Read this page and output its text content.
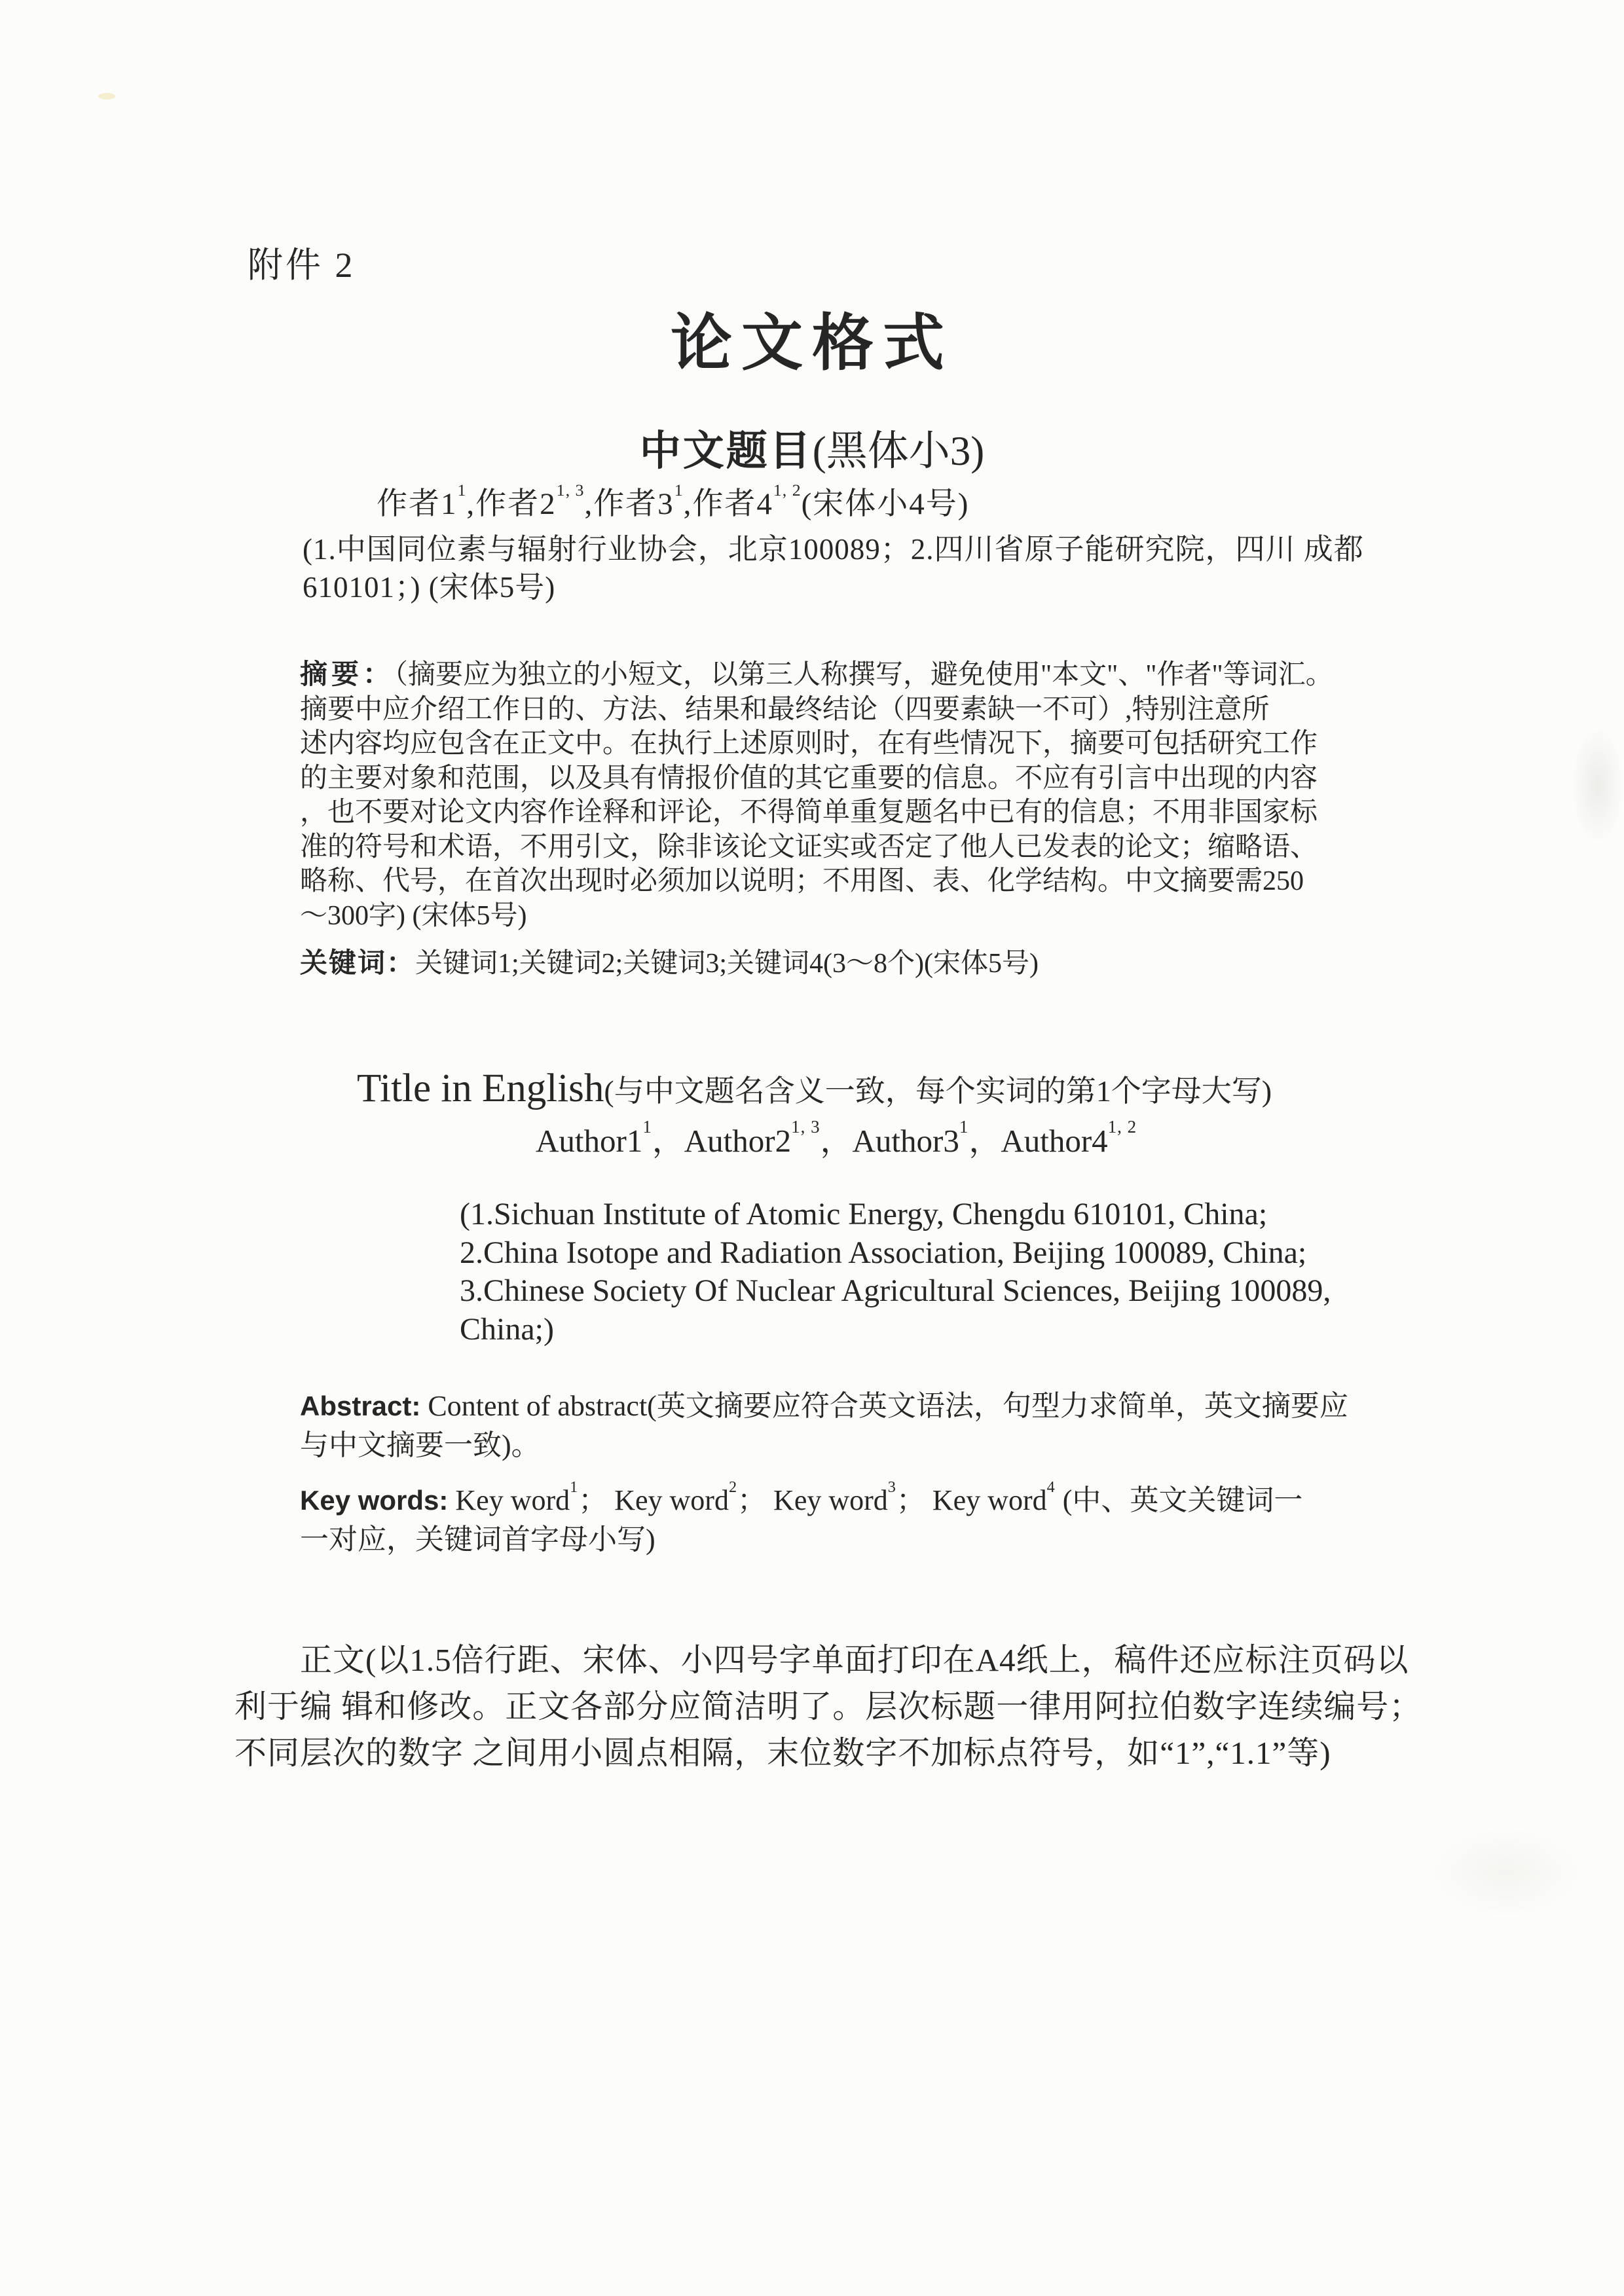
附件 2
论文格式
中文题目(黑体小3)
作者$1^1$,作者2$^{1, 3}$,作者$3^1$,作者4$^{1, 2}$(宋体小4号)
(1.中国同位素与辐射行业协会，北京100089；2.四川省原子能研究院，四川 成都
610101；) (宋体5号)
摘要：（摘要应为独立的小短文，以第三人称撰写，避免使用"本文"、"作者"等词汇。
摘要中应介绍工作日的、方法、结果和最终结论（四要素缺一不可）,特别注意所
述内容均应包含在正文中。在执行上述原则时，在有些情况下，摘要可包括研究工作
的主要对象和范围，以及具有情报价值的其它重要的信息。不应有引言中出现的内容
，也不要对论文内容作诠释和评论，不得简单重复题名中已有的信息；不用非国家标
准的符号和术语，不用引文，除非该论文证实或否定了他人已发表的论文；缩略语、
略称、代号，在首次出现时必须加以说明；不用图、表、化学结构。中文摘要需250
～300字) (宋体5号)
关键词：关键词1;关键词2;关键词3;关键词4(3～8个)(宋体5号)
Title in English(与中文题名含义一致，每个实词的第1个字母大写)
$Author1^1$，Author2$^{1, 3}$，$Author3^1$，Author4$^{1, 2}$
(1.Sichuan Institute of Atomic Energy, Chengdu 610101, China;
2.China Isotope and Radiation Association, Beijing 100089, China;
3.Chinese Society Of Nuclear Agricultural Sciences, Beijing 100089,
China;)
Abstract: Content of abstract(英文摘要应符合英文语法，句型力求简单，英文摘要应
与中文摘要一致)。
Key words: Key word$^1$； Key word$^2$； Key word$^3$； Key word$^4$ (中、英文关键词一
一对应，关键词首字母小写)
正文(以1.5倍行距、宋体、小四号字单面打印在A4纸上，稿件还应标注页码以
利于编 辑和修改。正文各部分应简洁明了。层次标题一律用阿拉伯数字连续编号；
不同层次的数字 之间用小圆点相隔，末位数字不加标点符号，如“1”,“1.1”等)
